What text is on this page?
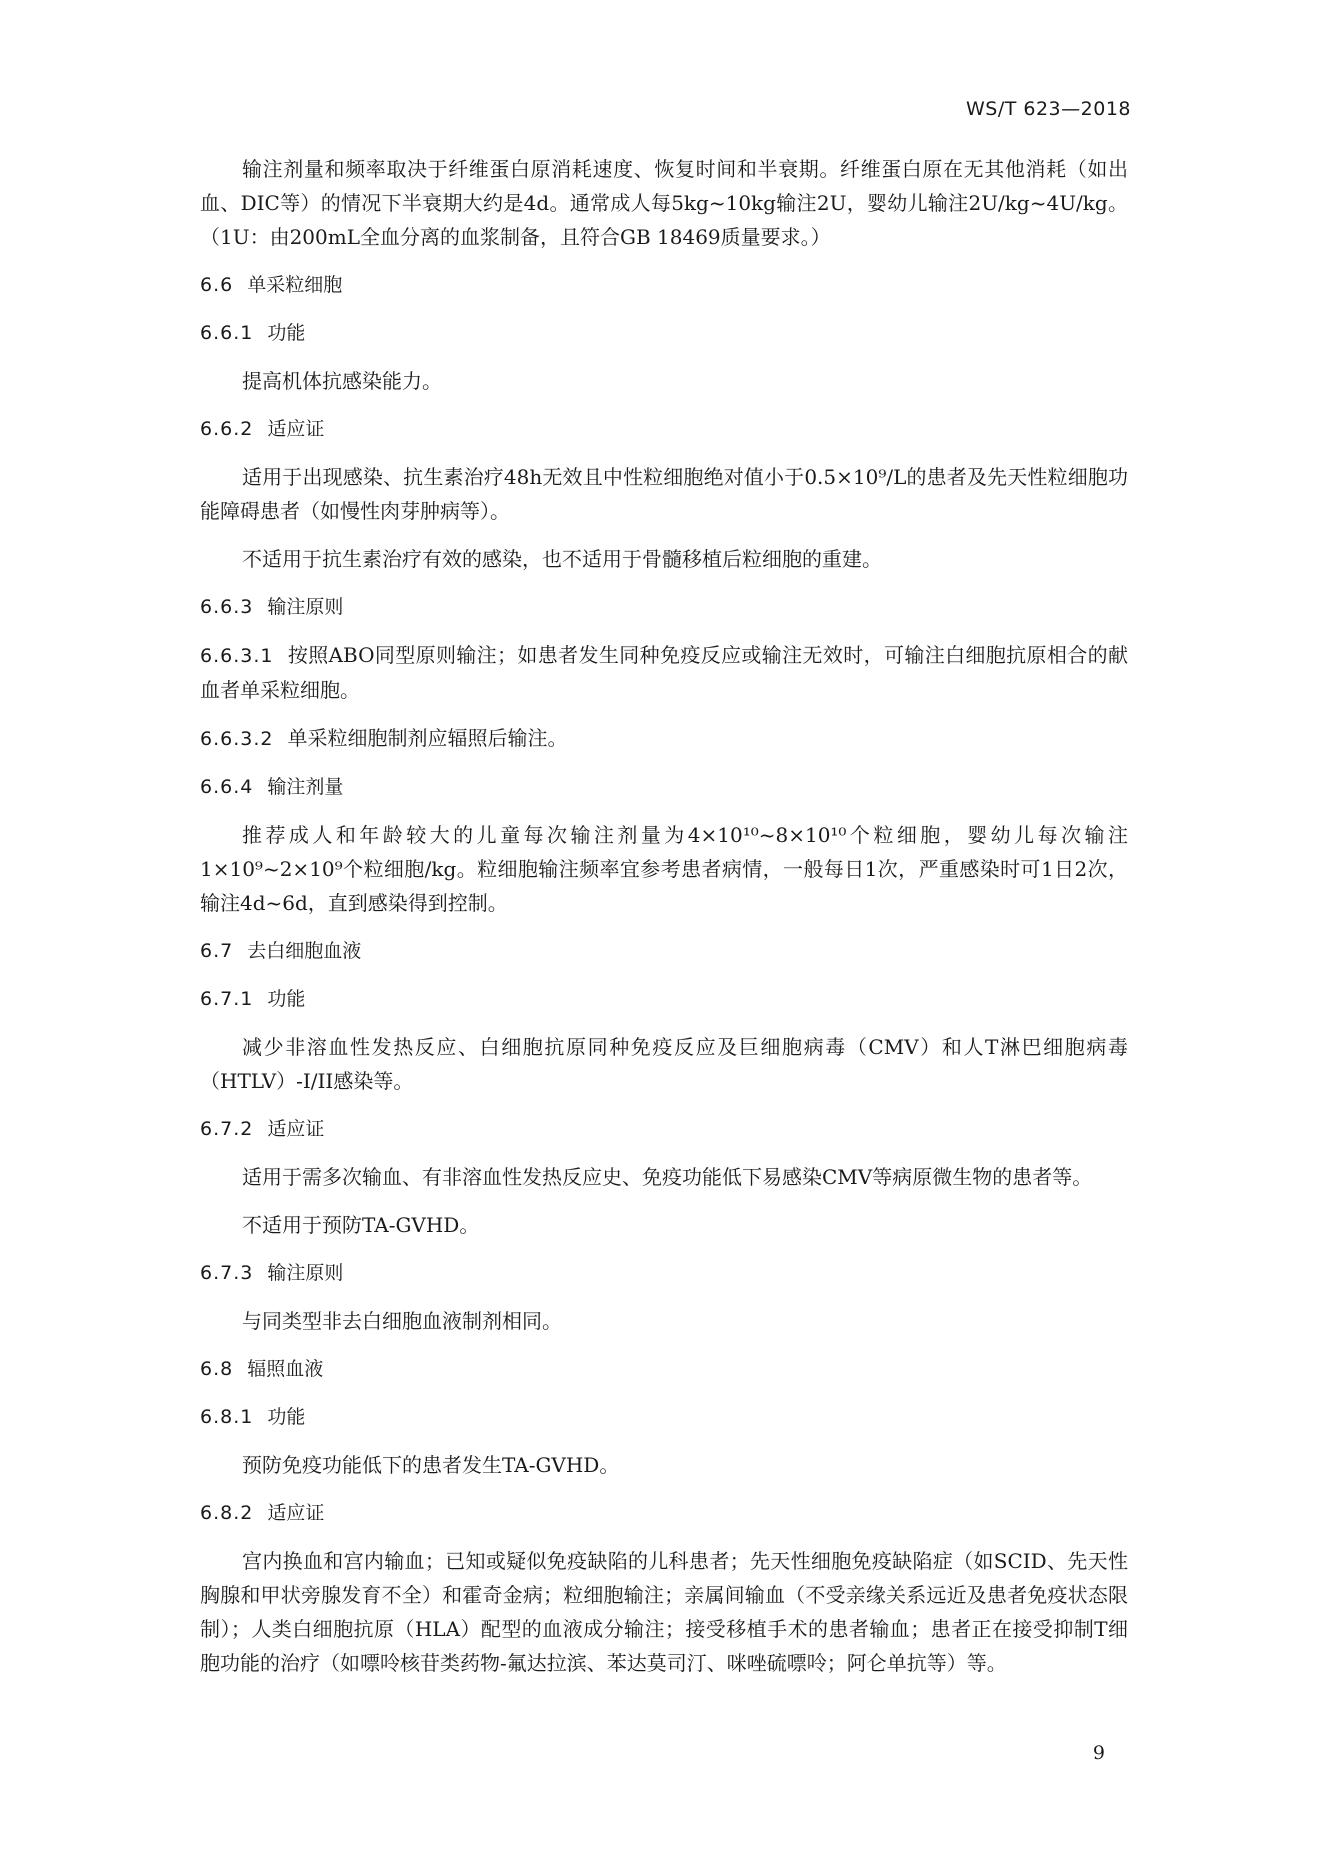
WS/T 623—2018
输注剂量和频率取决于纤维蛋白原消耗速度、恢复时间和半衰期。纤维蛋白原在无其他消耗（如出血、DIC等）的情况下半衰期大约是4d。通常成人每5kg~10kg输注2U，婴幼儿输注2U/kg~4U/kg。（1U：由200mL全血分离的血浆制备，且符合GB 18469质量要求。）
6.6 单采粒细胞
6.6.1 功能
提高机体抗感染能力。
6.6.2 适应证
适用于出现感染、抗生素治疗48h无效且中性粒细胞绝对值小于0.5×10⁹/L的患者及先天性粒细胞功能障碍患者（如慢性肉芽肿病等）。
不适用于抗生素治疗有效的感染，也不适用于骨髓移植后粒细胞的重建。
6.6.3 输注原则
6.6.3.1 按照ABO同型原则输注；如患者发生同种免疫反应或输注无效时，可输注白细胞抗原相合的献血者单采粒细胞。
6.6.3.2 单采粒细胞制剂应辐照后输注。
6.6.4 输注剂量
推荐成人和年龄较大的儿童每次输注剂量为4×10¹⁰~8×10¹⁰个粒细胞，婴幼儿每次输注1×10⁹~2×10⁹个粒细胞/kg。粒细胞输注频率宜参考患者病情，一般每日1次，严重感染时可1日2次，输注4d~6d，直到感染得到控制。
6.7 去白细胞血液
6.7.1 功能
减少非溶血性发热反应、白细胞抗原同种免疫反应及巨细胞病毒（CMV）和人T淋巴细胞病毒（HTLV）-I/II感染等。
6.7.2 适应证
适用于需多次输血、有非溶血性发热反应史、免疫功能低下易感染CMV等病原微生物的患者等。
不适用于预防TA-GVHD。
6.7.3 输注原则
与同类型非去白细胞血液制剂相同。
6.8 辐照血液
6.8.1 功能
预防免疫功能低下的患者发生TA-GVHD。
6.8.2 适应证
宫内换血和宫内输血；已知或疑似免疫缺陷的儿科患者；先天性细胞免疫缺陷症（如SCID、先天性胸腺和甲状旁腺发育不全）和霍奇金病；粒细胞输注；亲属间输血（不受亲缘关系远近及患者免疫状态限制）；人类白细胞抗原（HLA）配型的血液成分输注；接受移植手术的患者输血；患者正在接受抑制T细胞功能的治疗（如嘌呤核苷类药物-氟达拉滨、苯达莫司汀、咪唑硫嘌呤；阿仑单抗等）等。
9
